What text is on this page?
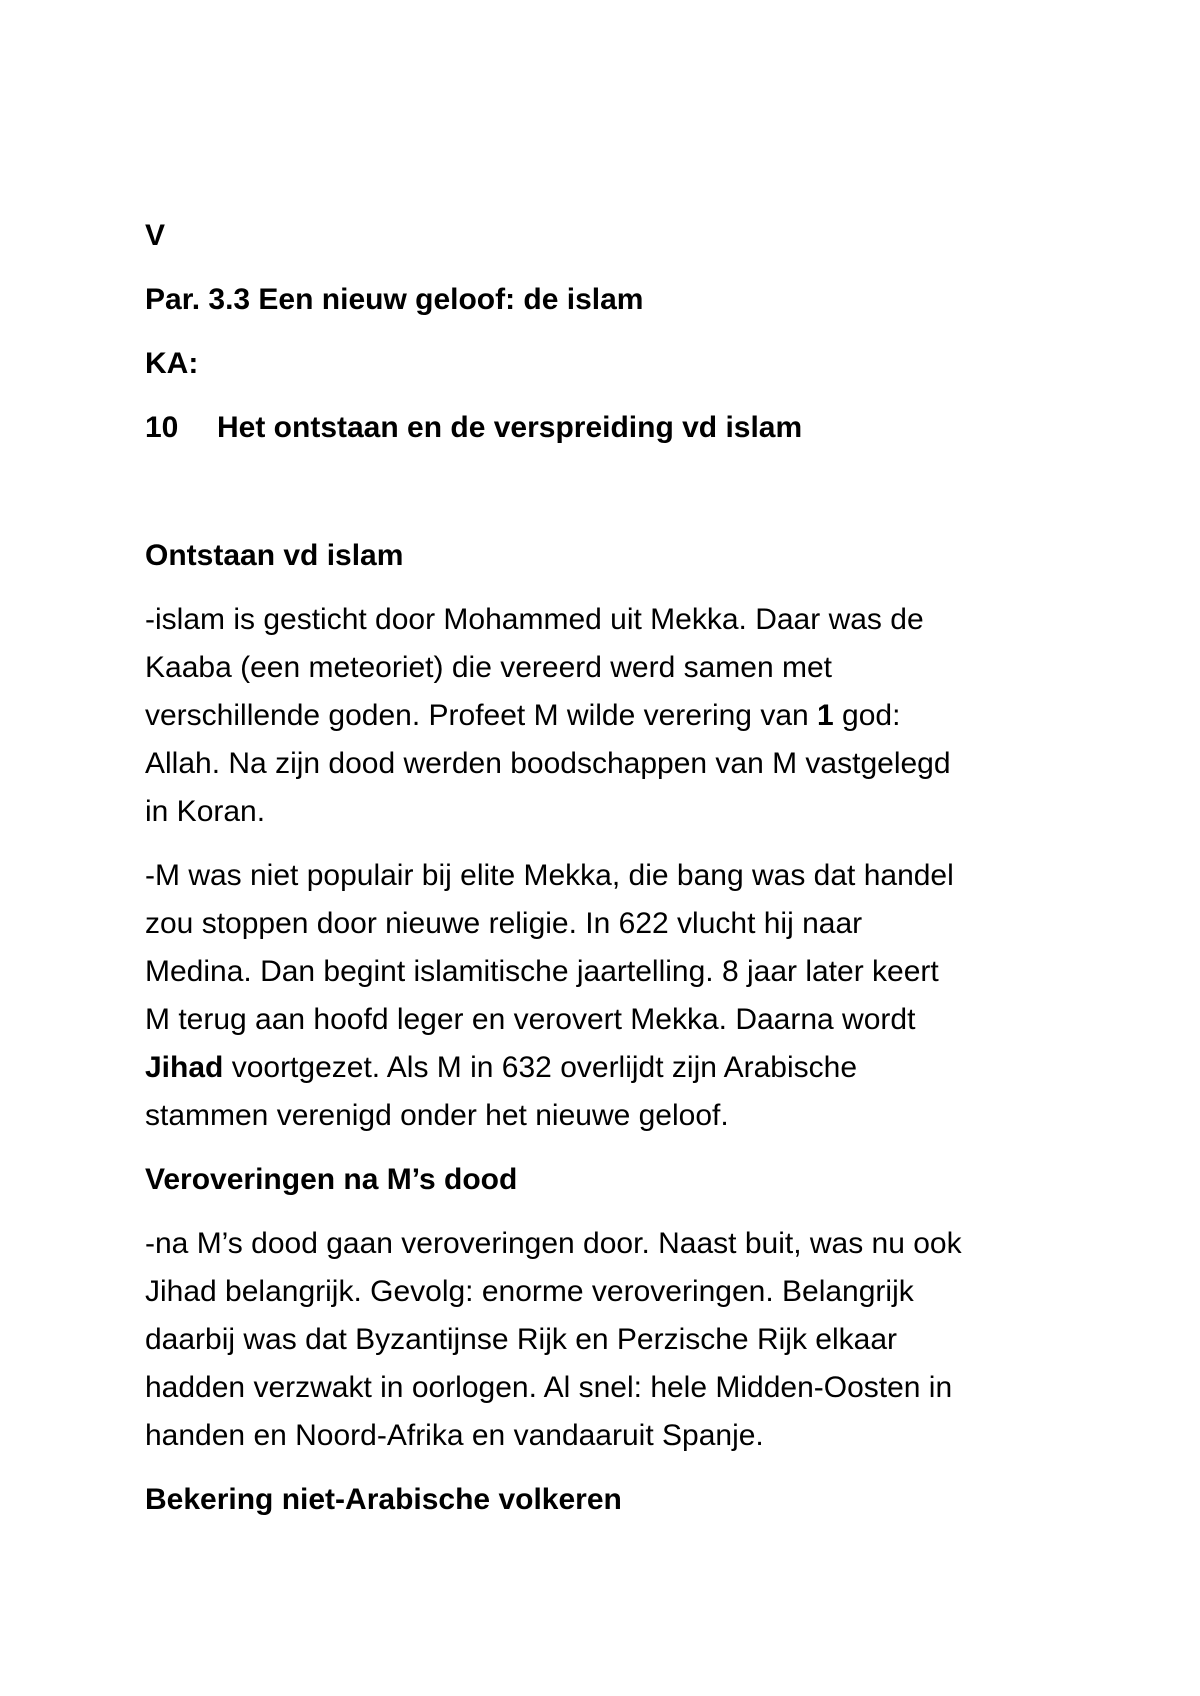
V

Par. 3.3 Een nieuw geloof: de islam

KA:

10 Het ontstaan en de verspreiding vd islam

Ontstaan vd islam

-islam is gesticht door Mohammed uit Mekka. Daar was de

Kaaba (een meteoriet) die vereerd werd samen met

verschillende goden. Profeet M wilde verering van 1 god:

Allah. Na zijn dood werden boodschappen van M vastgelegd

in Koran.

-M was niet populair bij elite Mekka, die bang was dat handel

zou stoppen door nieuwe religie. In 622 vlucht hij naar

Medina. Dan begint islamitische jaartelling. 8 jaar later keert

M terug aan hoofd leger en verovert Mekka. Daarna wordt

Jihad voortgezet. Als M in 632 overlijdt zijn Arabische

stammen verenigd onder het nieuwe geloof.

Veroveringen na M’s dood

-na M’s dood gaan veroveringen door. Naast buit, was nu ook

Jihad belangrijk. Gevolg: enorme veroveringen. Belangrijk

daarbij was dat Byzantijnse Rijk en Perzische Rijk elkaar

hadden verzwakt in oorlogen. Al snel: hele Midden-Oosten in

handen en Noord-Afrika en vandaaruit Spanje.

Bekering niet-Arabische volkeren
